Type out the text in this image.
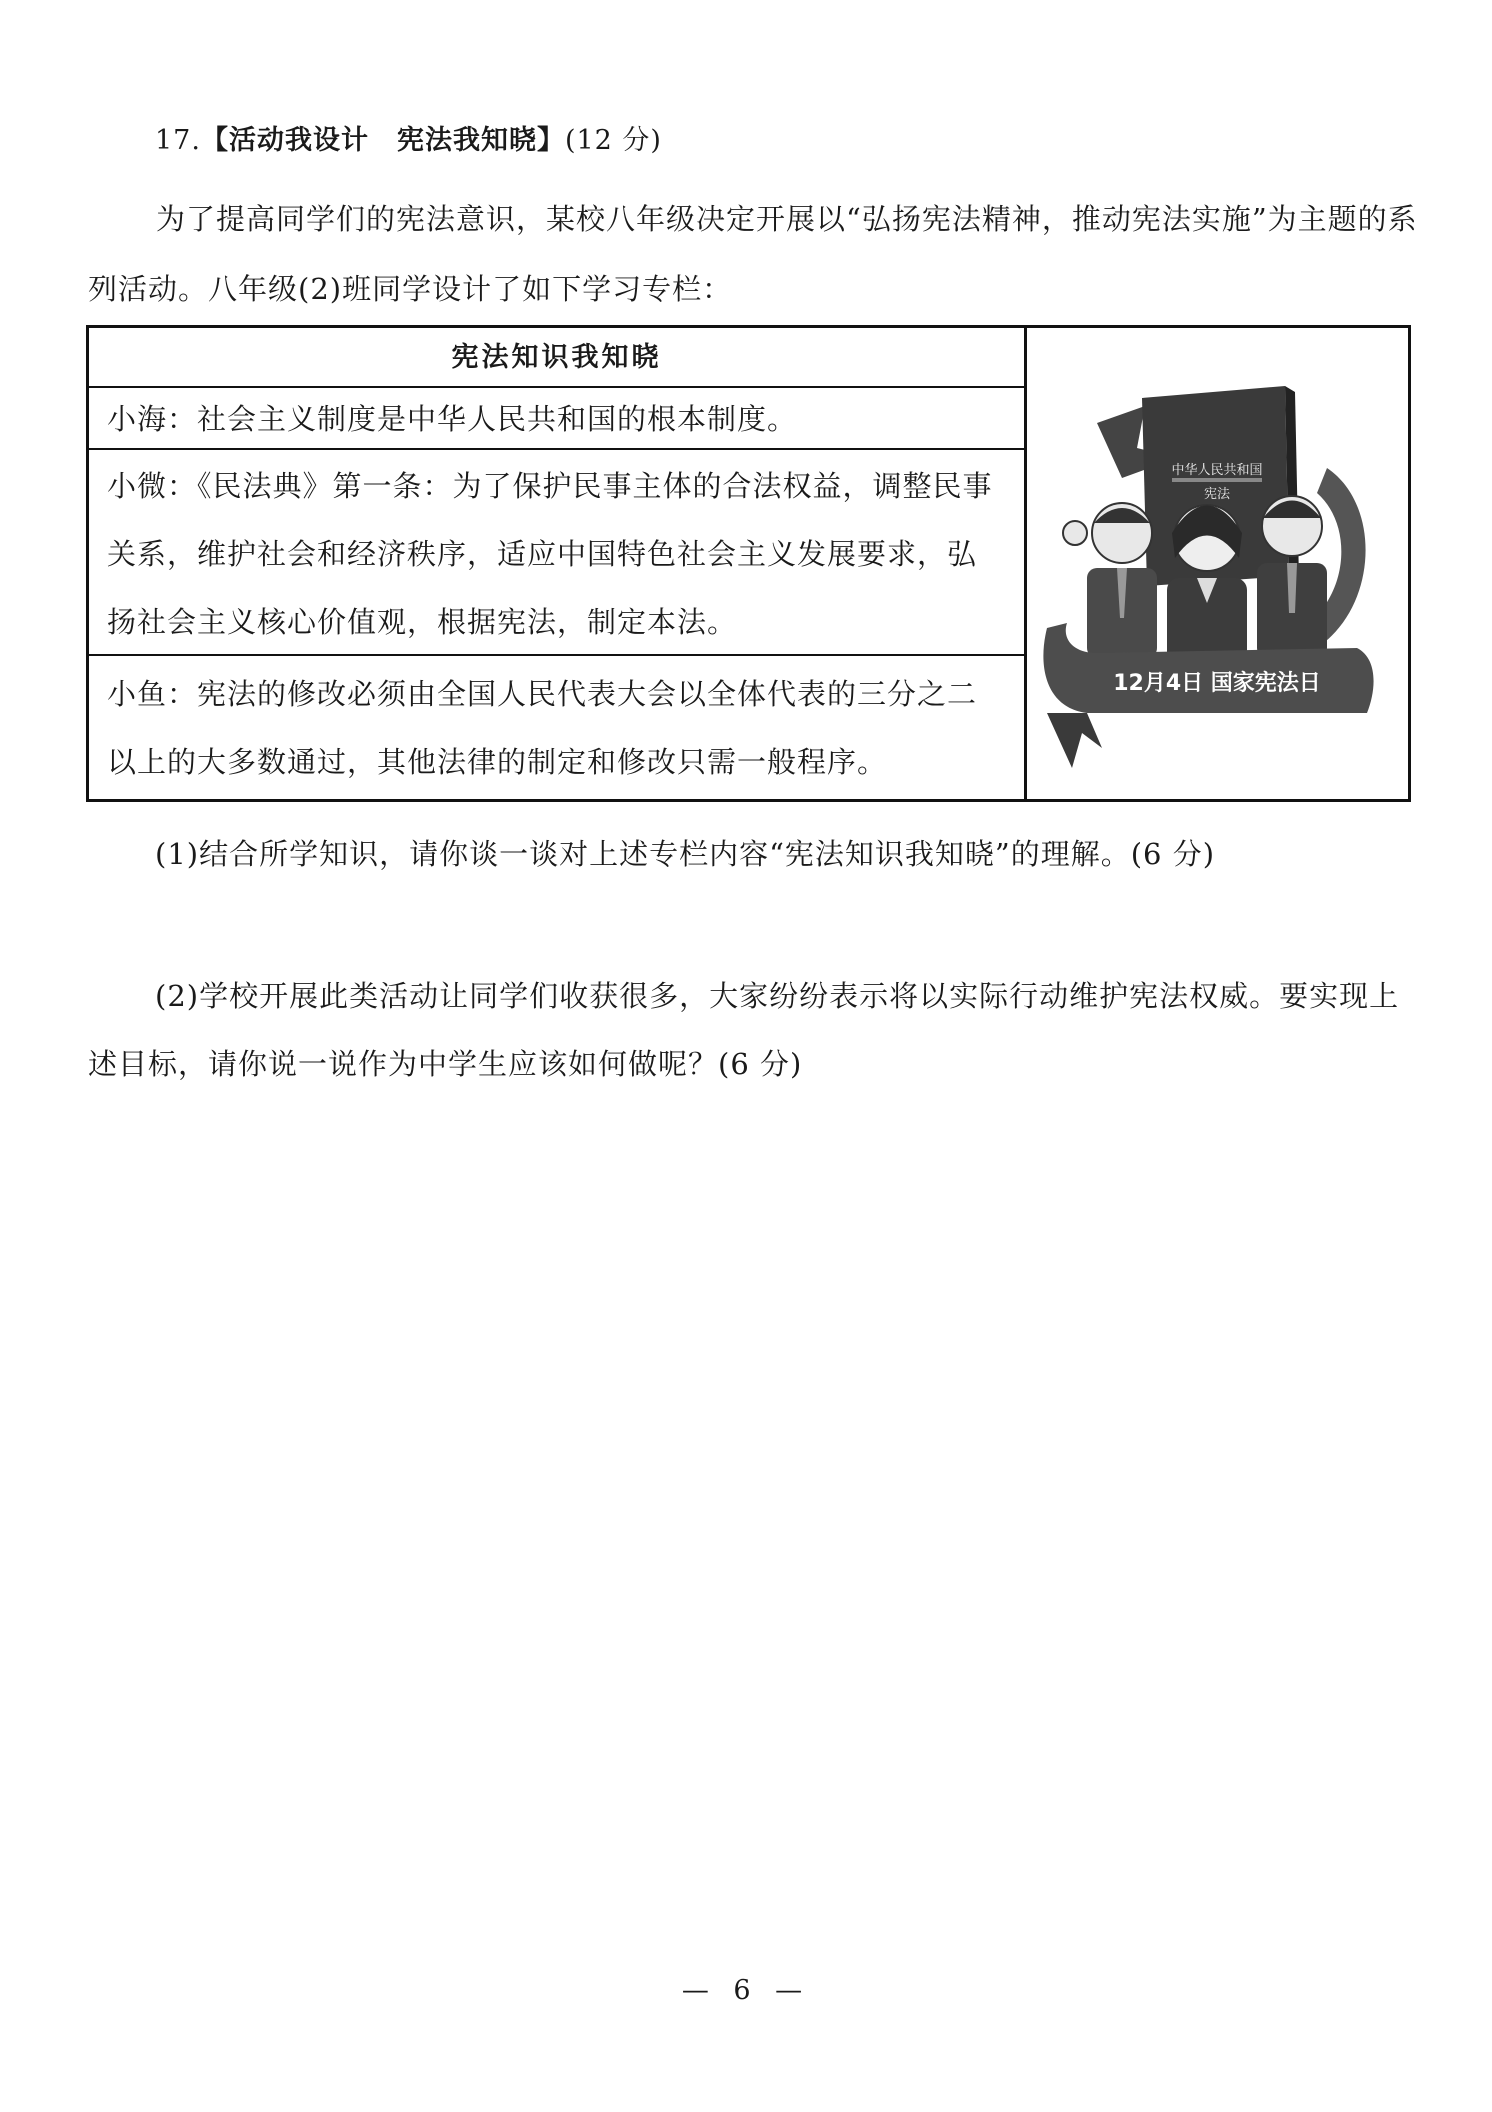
17.【活动我设计　宪法我知晓】(12 分)

为了提高同学们的宪法意识，某校八年级决定开展以“弘扬宪法精神，推动宪法实施”为主题的系列活动。八年级(2)班同学设计了如下学习专栏：

宪法知识我知晓

小海：社会主义制度是中华人民共和国的根本制度。

小微：《民法典》第一条：为了保护民事主体的合法权益，调整民事关系，维护社会和经济秩序，适应中国特色社会主义发展要求，弘扬社会主义核心价值观，根据宪法，制定本法。

小鱼：宪法的修改必须由全国人民代表大会以全体代表的三分之二以上的大多数通过，其他法律的制定和修改只需一般程序。

中华人民共和国
宪法
12月4日 国家宪法日

(1)结合所学知识，请你谈一谈对上述专栏内容“宪法知识我知晓”的理解。(6 分)

(2)学校开展此类活动让同学们收获很多，大家纷纷表示将以实际行动维护宪法权威。要实现上述目标，请你说一说作为中学生应该如何做呢？(6 分)

— 6 —
